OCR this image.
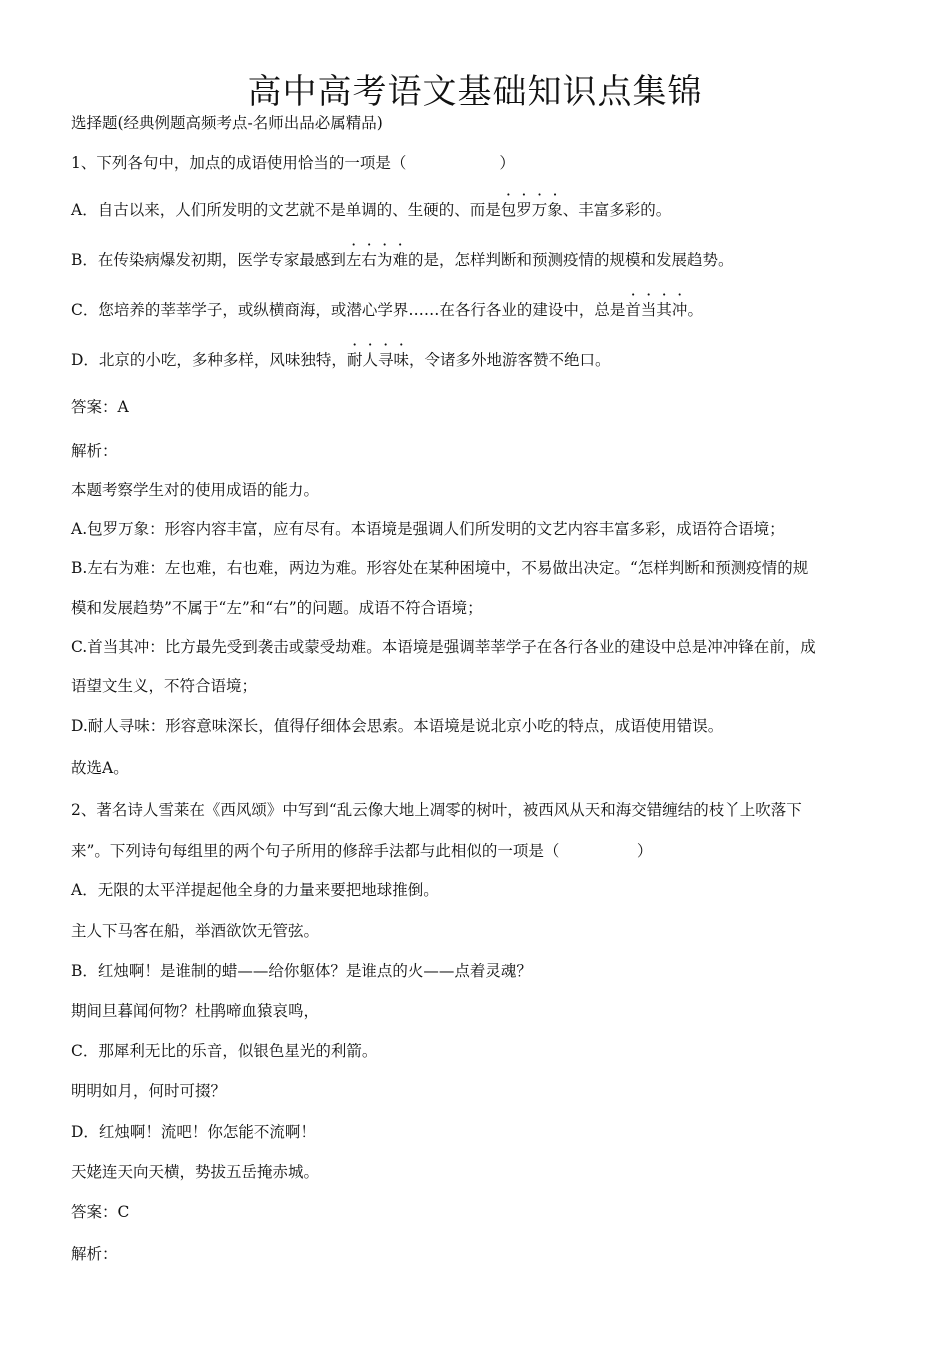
高中高考语文基础知识点集锦

选择题(经典例题高频考点-名师出品必属精品)

1、下列各句中，加点的成语使用恰当的一项是（　　　　　　）

A．自古以来，人们所发明的文艺就不是单调的、生硬的、而是包罗万象、丰富多彩的。

B．在传染病爆发初期，医学专家最感到左右为难的是，怎样判断和预测疫情的规模和发展趋势。

C．您培养的莘莘学子，或纵横商海，或潜心学界……在各行各业的建设中，总是首当其冲。

D．北京的小吃，多种多样，风味独特，耐人寻味，令诸多外地游客赞不绝口。

答案：A

解析：

本题考察学生对的使用成语的能力。

A.包罗万象：形容内容丰富，应有尽有。本语境是强调人们所发明的文艺内容丰富多彩，成语符合语境；

B.左右为难：左也难，右也难，两边为难。形容处在某种困境中，不易做出决定。“怎样判断和预测疫情的规

模和发展趋势”不属于“左”和“右”的问题。成语不符合语境；

C.首当其冲：比方最先受到袭击或蒙受劫难。本语境是强调莘莘学子在各行各业的建设中总是冲冲锋在前，成

语望文生义，不符合语境；

D.耐人寻味：形容意味深长，值得仔细体会思索。本语境是说北京小吃的特点，成语使用错误。

故选A。

2、著名诗人雪莱在《西风颂》中写到“乱云像大地上凋零的树叶，被西风从天和海交错缠结的枝丫上吹落下

来”。下列诗句每组里的两个句子所用的修辞手法都与此相似的一项是（　　　　　）

A．无限的太平洋提起他全身的力量来要把地球推倒。

主人下马客在船，举酒欲饮无管弦。

B．红烛啊！是谁制的蜡——给你躯体？是谁点的火——点着灵魂？

期间旦暮闻何物？杜鹃啼血猿哀鸣，

C．那犀利无比的乐音，似银色星光的利箭。

明明如月，何时可掇？

D．红烛啊！流吧！你怎能不流啊！

天姥连天向天横，势拔五岳掩赤城。

答案：C

解析：
